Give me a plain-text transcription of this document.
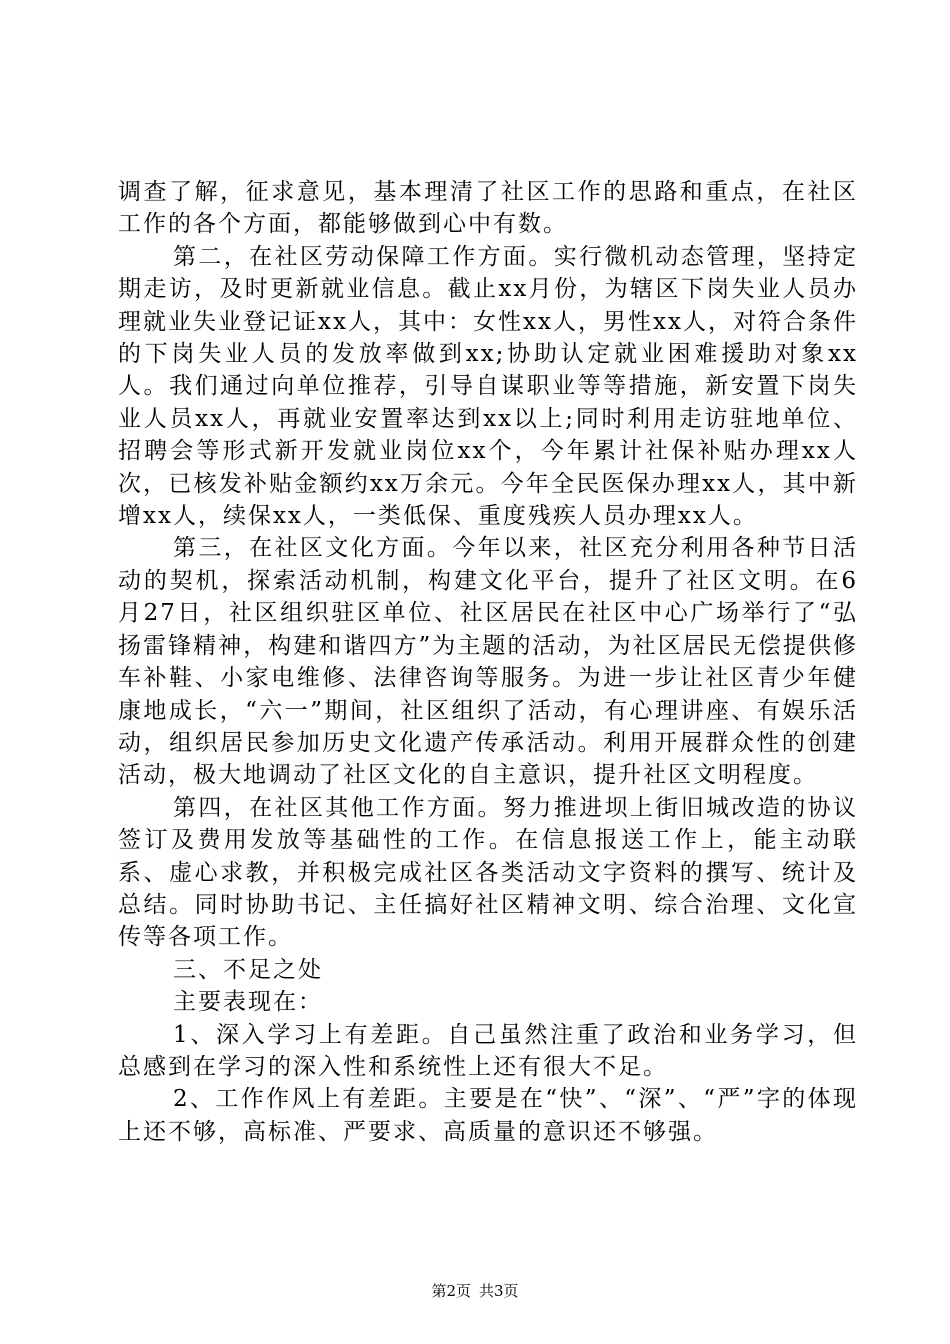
调查了解，征求意见，基本理清了社区工作的思路和重点，在社区工作的各个方面，都能够做到心中有数。

第二，在社区劳动保障工作方面。实行微机动态管理，坚持定期走访，及时更新就业信息。截止xx月份，为辖区下岗失业人员办理就业失业登记证xx人，其中：女性xx人，男性xx人，对符合条件的下岗失业人员的发放率做到xx;协助认定就业困难援助对象xx人。我们通过向单位推荐，引导自谋职业等等措施，新安置下岗失业人员xx人，再就业安置率达到xx以上;同时利用走访驻地单位、招聘会等形式新开发就业岗位xx个，今年累计社保补贴办理xx人次，已核发补贴金额约xx万余元。今年全民医保办理xx人，其中新增xx人，续保xx人，一类低保、重度残疾人员办理xx人。

第三，在社区文化方面。今年以来，社区充分利用各种节日活动的契机，探索活动机制，构建文化平台，提升了社区文明。在6月27日，社区组织驻区单位、社区居民在社区中心广场举行了“弘扬雷锋精神，构建和谐四方”为主题的活动，为社区居民无偿提供修车补鞋、小家电维修、法律咨询等服务。为进一步让社区青少年健康地成长，“六一”期间，社区组织了活动，有心理讲座、有娱乐活动，组织居民参加历史文化遗产传承活动。利用开展群众性的创建活动，极大地调动了社区文化的自主意识，提升社区文明程度。

第四，在社区其他工作方面。努力推进坝上街旧城改造的协议签订及费用发放等基础性的工作。在信息报送工作上，能主动联系、虚心求教，并积极完成社区各类活动文字资料的撰写、统计及总结。同时协助书记、主任搞好社区精神文明、综合治理、文化宣传等各项工作。

三、不足之处

主要表现在：

1、深入学习上有差距。自己虽然注重了政治和业务学习，但总感到在学习的深入性和系统性上还有很大不足。

2、工作作风上有差距。主要是在“快”、“深”、“严”字的体现上还不够，高标准、严要求、高质量的意识还不够强。

第2页 共3页
